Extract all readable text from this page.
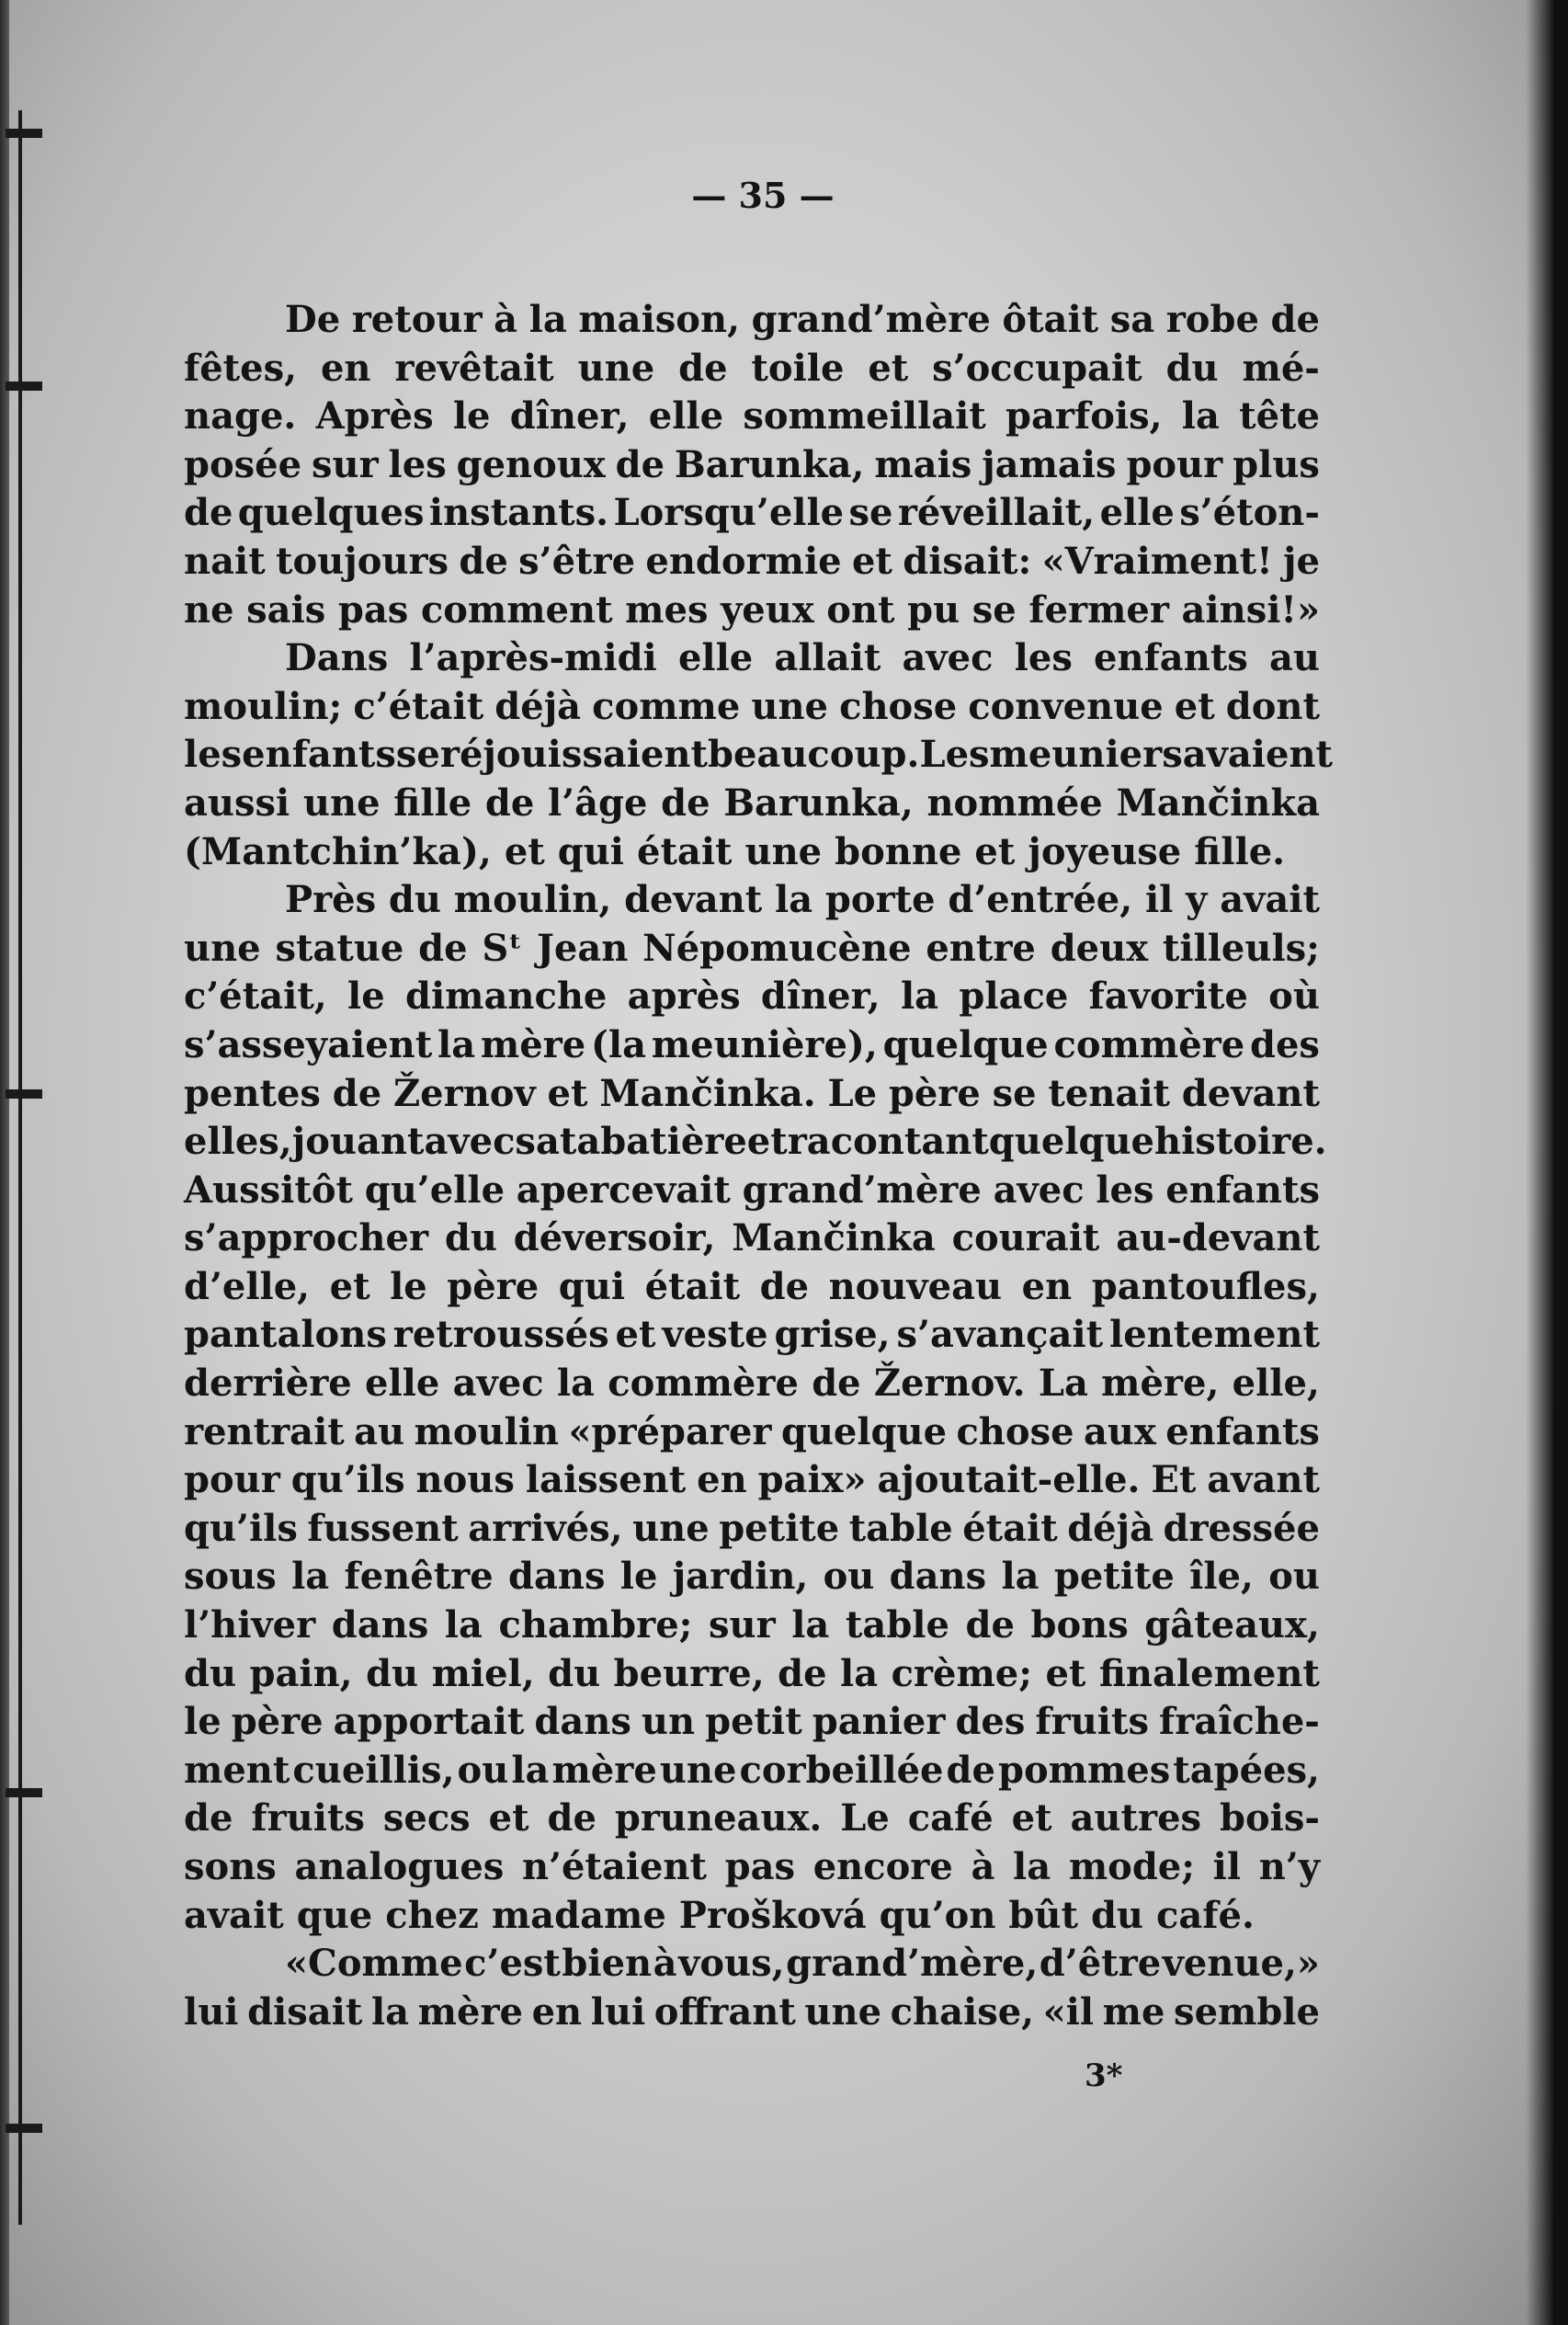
— 35 —
De retour à la maison, grand’mère ôtait sa robe de
fêtes, en revêtait une de toile et s’occupait du mé-
nage. Après le dîner, elle sommeillait parfois, la tête
posée sur les genoux de Barunka, mais jamais pour plus
de quelques instants. Lorsqu’elle se réveillait, elle s’éton-
nait toujours de s’être endormie et disait: «Vraiment! je
ne sais pas comment mes yeux ont pu se fermer ainsi!»
Dans l’après-midi elle allait avec les enfants au
moulin; c’était déjà comme une chose convenue et dont
les enfants se réjouissaient beaucoup. Les meuniers avaient
aussi une fille de l’âge de Barunka, nommée Mančinka
(Mantchin’ka), et qui était une bonne et joyeuse fille.
Près du moulin, devant la porte d’entrée, il y avait
une statue de Sᵗ Jean Népomucène entre deux tilleuls;
c’était, le dimanche après dîner, la place favorite où
s’asseyaient la mère (la meunière), quelque commère des
pentes de Žernov et Mančinka. Le père se tenait devant
elles, jouant avec sa tabatière et racontant quelque histoire.
Aussitôt qu’elle apercevait grand’mère avec les enfants
s’approcher du déversoir, Mančinka courait au-devant
d’elle, et le père qui était de nouveau en pantoufles,
pantalons retroussés et veste grise, s’avançait lentement
derrière elle avec la commère de Žernov. La mère, elle,
rentrait au moulin «préparer quelque chose aux enfants
pour qu’ils nous laissent en paix» ajoutait-elle. Et avant
qu’ils fussent arrivés, une petite table était déjà dressée
sous la fenêtre dans le jardin, ou dans la petite île, ou
l’hiver dans la chambre; sur la table de bons gâteaux,
du pain, du miel, du beurre, de la crème; et finalement
le père apportait dans un petit panier des fruits fraîche-
ment cueillis, ou la mère une corbeillée de pommes tapées,
de fruits secs et de pruneaux. Le café et autres bois-
sons analogues n’étaient pas encore à la mode; il n’y
avait que chez madame Prošková qu’on bût du café.
«Comme c’est bien à vous, grand’mère, d’être venue,»
lui disait la mère en lui offrant une chaise, «il me semble
3*
